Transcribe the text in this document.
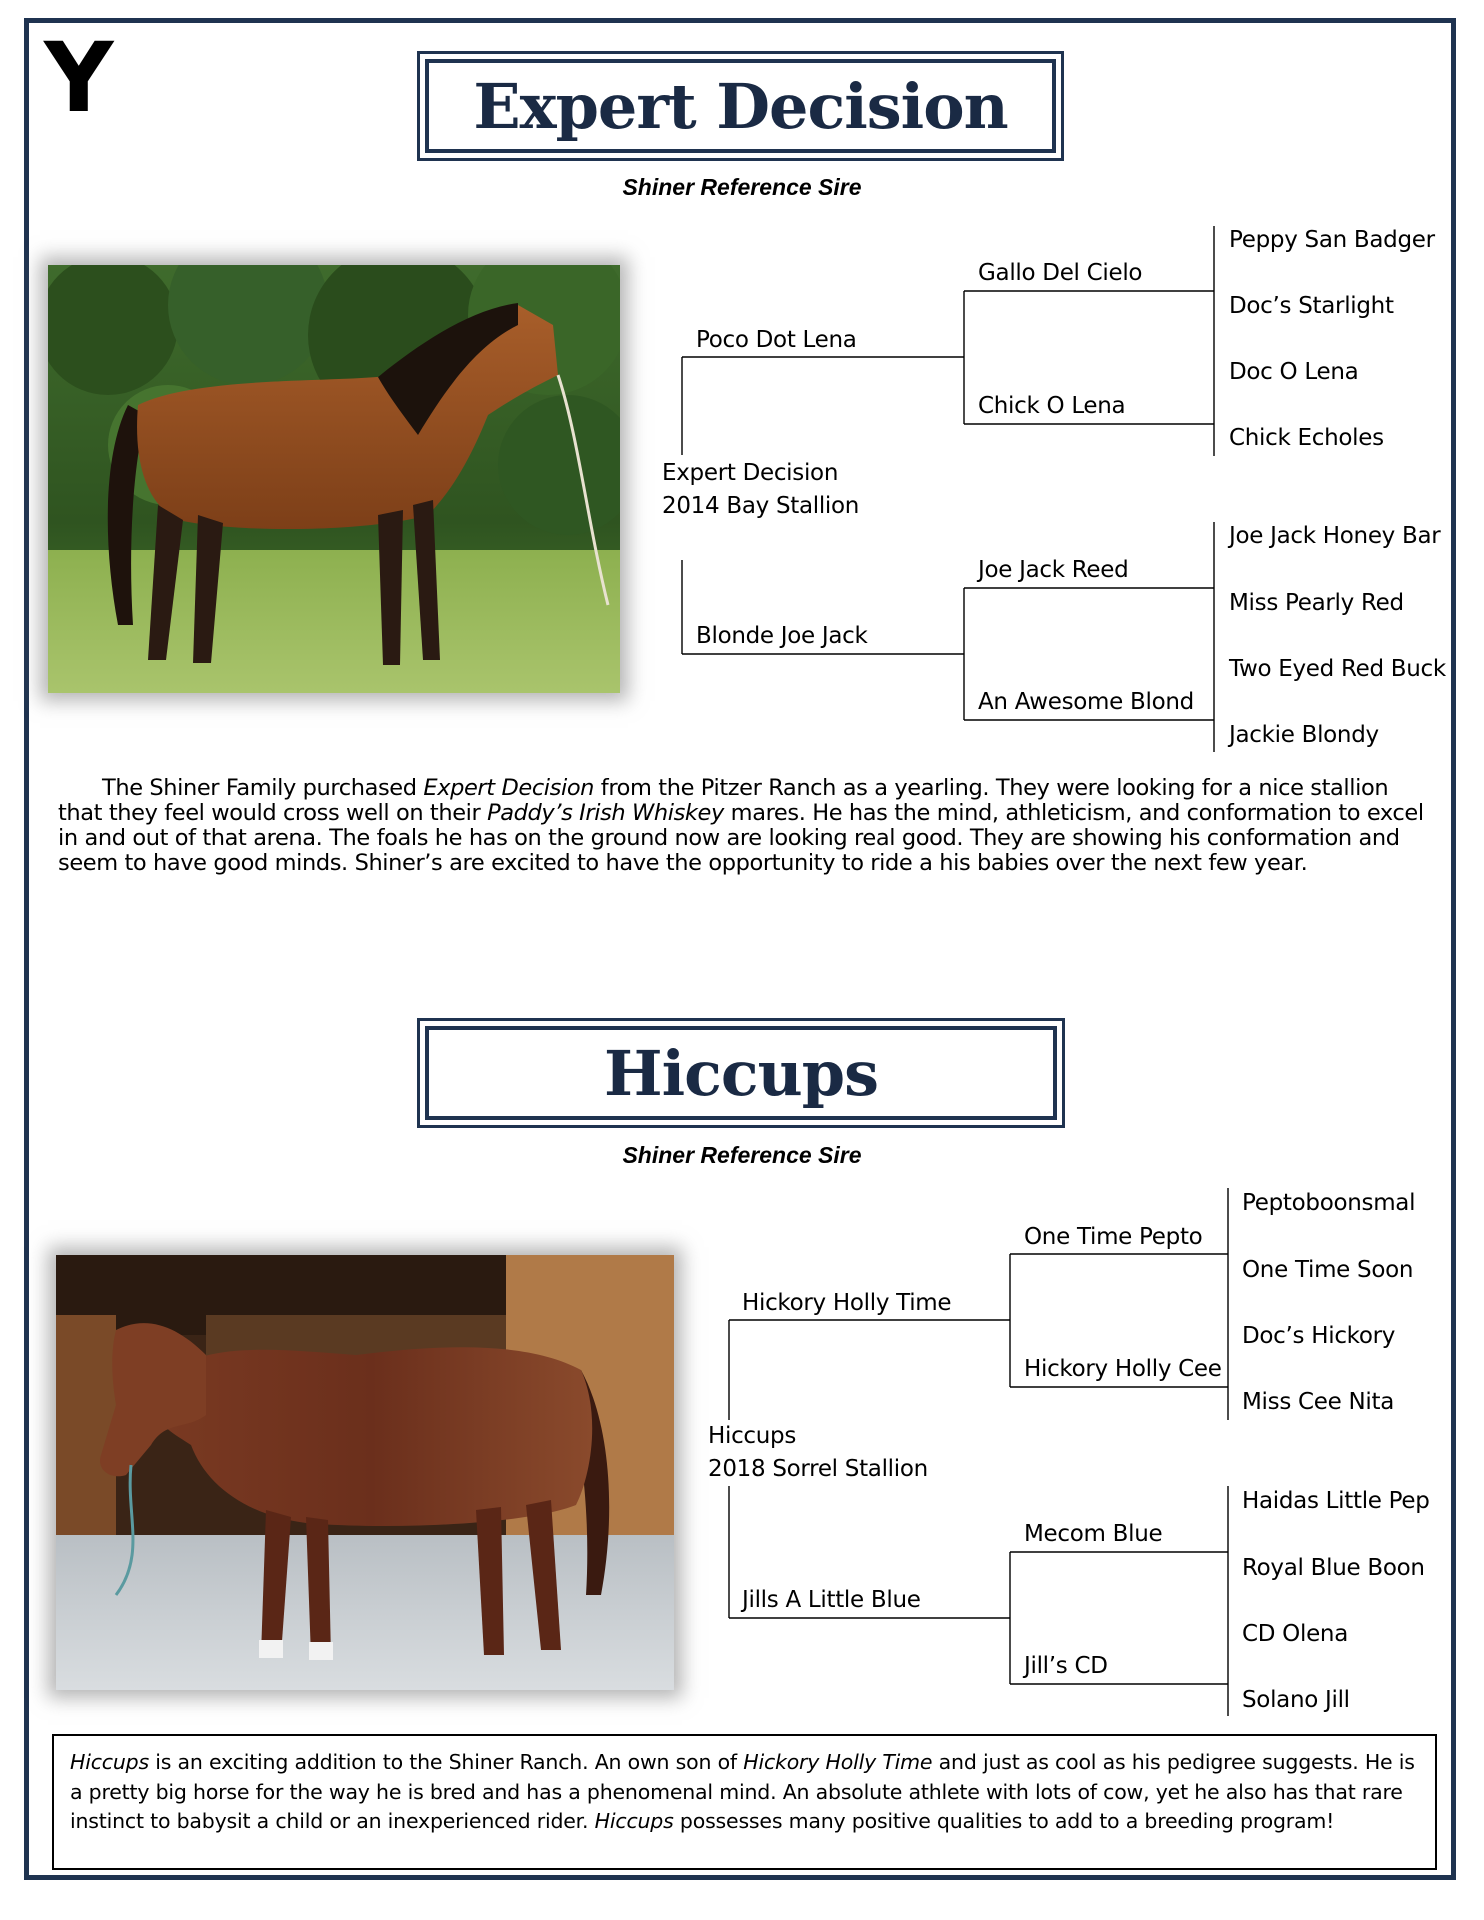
Y	Expert Decision
Shiner Reference Sire
Poco Dot Lena
Expert Decision
2014 Bay Stallion
Blonde Joe Jack
Gallo Del Cielo
Chick O Lena
Joe Jack Reed
An Awesome Blond
Peppy San Badger
Doc’s Starlight
Doc O Lena
Chick Echoles
Joe Jack Honey Bar
Miss Pearly Red
Two Eyed Red Buck
Jackie Blondy
The Shiner Family purchased Expert Decision from the Pitzer Ranch as a yearling. They were looking for a nice stallion that they feel would cross well on their Paddy’s Irish Whiskey mares. He has the mind, athleticism, and conformation to excel in and out of that arena. The foals he has on the ground now are looking real good. They are showing his conformation and seem to have good minds. Shiner’s are excited to have the opportunity to ride a his babies over the next few year.
Hiccups
Shiner Reference Sire
Hickory Holly Time
Hiccups
2018 Sorrel Stallion
Jills A Little Blue
One Time Pepto
Hickory Holly Cee
Mecom Blue
Jill’s CD
Peptoboonsmal
One Time Soon
Doc’s Hickory
Miss Cee Nita
Haidas Little Pep
Royal Blue Boon
CD Olena
Solano Jill
Hiccups is an exciting addition to the Shiner Ranch. An own son of Hickory Holly Time and just as cool as his pedigree suggests. He is a pretty big horse for the way he is bred and has a phenomenal mind. An absolute athlete with lots of cow, yet he also has that rare instinct to babysit a child or an inexperienced rider. Hiccups possesses many positive qualities to add to a breeding program!
